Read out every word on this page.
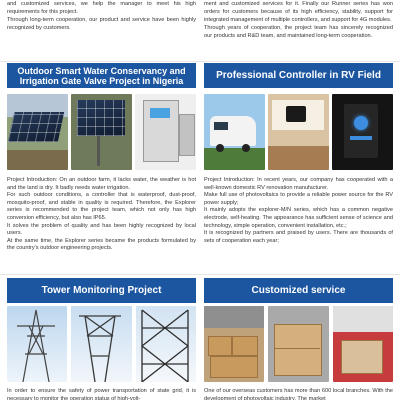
and customized services, we help the manager to meet his high requirements for this project.

Through long-term cooperation, our product and service have been highly recognized by customers.

ment and customized services for it. Finally our Runner series has won orders for customers because of its high efficiency, stability, support for integrated management of multiple controllers, and support for 4G modules.

Through years of cooperation, the project team has sincerely recognized our products and R&D team, and maintained long-term cooperation.

Outdoor Smart Water Conservancy and Irrigation Gate Valve Project in Nigeria	Professional Controller in RV Field

Project Introduction: On an outdoor farm, it lacks water, the weather is hot and the land is dry. It badly needs water irrigation.

For such outdoor conditions, a controller that is waterproof, dust-proof, mosquito-proof, and stable in quality is required. Therefore, the Explorer series is recommended to the project team, which not only has high conversion efficiency, but also has IP65.

It solves the problem of quality and has been highly recognized by local users.

At the same time, the Explorer series became the products formulated by the country's outdoor engineering projects.

Project Introduction: In recent years, our company has cooperated with a well-known domestic RV renovation manufacturer.

Make full use of photovoltaics to provide a reliable power source for the RV power supply;

It mainly adopts the explorer-M/N series, which has a common negative electrode, self-heating. The appearance has sufficient sense of science and technology, simple operation, convenient installation, etc.;

It is recognized by partners and praised by users. There are thousands of sets of cooperation each year;

Tower Monitoring Project	Customized service

In order to ensure the safety of power transportation of state grid, it is necessary to monitor the operation status of high-volt-

One of our overseas customers has more than 600 local branches. With the development of photovoltaic industry, The market
